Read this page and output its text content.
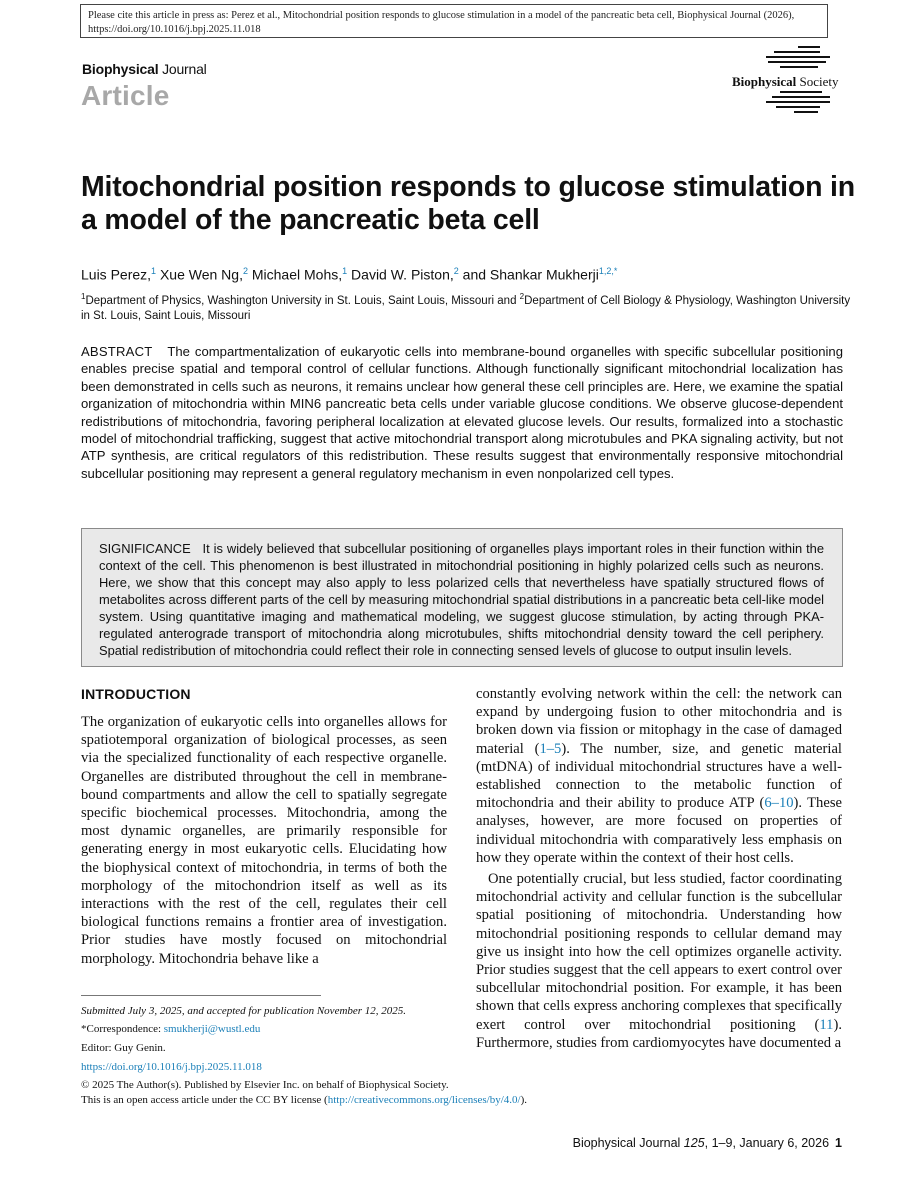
Please cite this article in press as: Perez et al., Mitochondrial position responds to glucose stimulation in a model of the pancreatic beta cell, Biophysical Journal (2026), https://doi.org/10.1016/j.bpj.2025.11.018
Biophysical Journal
Article	Biophysical Society
Mitochondrial position responds to glucose stimulation in a model of the pancreatic beta cell
Luis Perez,$^1$ Xue Wen Ng,$^2$ Michael Mohs,$^1$ David W. Piston,$^2$ and Shankar Mukherji$^{1,2,*}$
$^1$Department of Physics, Washington University in St. Louis, Saint Louis, Missouri and $^2$Department of Cell Biology & Physiology, Washington University in St. Louis, Saint Louis, Missouri

ABSTRACT The compartmentalization of eukaryotic cells into membrane-bound organelles with specific subcellular positioning enables precise spatial and temporal control of cellular functions. Although functionally significant mitochondrial localization has been demonstrated in cells such as neurons, it remains unclear how general these cell principles are. Here, we examine the spatial organization of mitochondria within MIN6 pancreatic beta cells under variable glucose conditions. We observe glucose-dependent redistributions of mitochondria, favoring peripheral localization at elevated glucose levels. Our results, formalized into a stochastic model of mitochondrial trafficking, suggest that active mitochondrial transport along microtubules and PKA signaling activity, but not ATP synthesis, are critical regulators of this redistribution. These results suggest that environmentally responsive mitochondrial subcellular positioning may represent a general regulatory mechanism in even nonpolarized cell types.

SIGNIFICANCE It is widely believed that subcellular positioning of organelles plays important roles in their function within the context of the cell. This phenomenon is best illustrated in mitochondrial positioning in highly polarized cells such as neurons. Here, we show that this concept may also apply to less polarized cells that nevertheless have spatially structured flows of metabolites across different parts of the cell by measuring mitochondrial spatial distributions in a pancreatic beta cell-like model system. Using quantitative imaging and mathematical modeling, we suggest glucose stimulation, by acting through PKA-regulated anterograde transport of mitochondria along microtubules, shifts mitochondrial density toward the cell periphery. Spatial redistribution of mitochondria could reflect their role in connecting sensed levels of glucose to output insulin levels.

INTRODUCTION

The organization of eukaryotic cells into organelles allows for spatiotemporal organization of biological processes, as seen via the specialized functionality of each respective organelle. Organelles are distributed throughout the cell in membrane-bound compartments and allow the cell to spatially segregate specific biochemical processes. Mitochondria, among the most dynamic organelles, are primarily responsible for generating energy in most eukaryotic cells. Elucidating how the biophysical context of mitochondria, in terms of both the morphology of the mitochondrion itself as well as its interactions with the rest of the cell, regulates their cell biological functions remains a frontier area of investigation. Prior studies have mostly focused on mitochondrial morphology. Mitochondria behave like a

constantly evolving network within the cell: the network can expand by undergoing fusion to other mitochondria and is broken down via fission or mitophagy in the case of damaged material (1–5). The number, size, and genetic material (mtDNA) of individual mitochondrial structures have a well-established connection to the metabolic function of mitochondria and their ability to produce ATP (6–10). These analyses, however, are more focused on properties of individual mitochondria with comparatively less emphasis on how they operate within the context of their host cells.

One potentially crucial, but less studied, factor coordinating mitochondrial activity and cellular function is the subcellular spatial positioning of mitochondria. Understanding how mitochondrial positioning responds to cellular demand may give us insight into how the cell optimizes organelle activity. Prior studies suggest that the cell appears to exert control over subcellular mitochondrial position. For example, it has been shown that cells express anchoring complexes that specifically exert control over mitochondrial positioning (11). Furthermore, studies from cardiomyocytes have documented a

Submitted July 3, 2025, and accepted for publication November 12, 2025.
*Correspondence: smukherji@wustl.edu
Editor: Guy Genin.
https://doi.org/10.1016/j.bpj.2025.11.018
© 2025 The Author(s). Published by Elsevier Inc. on behalf of Biophysical Society.
This is an open access article under the CC BY license (http://creativecommons.org/licenses/by/4.0/).
Biophysical Journal 125, 1–9, January 6, 2026 1
